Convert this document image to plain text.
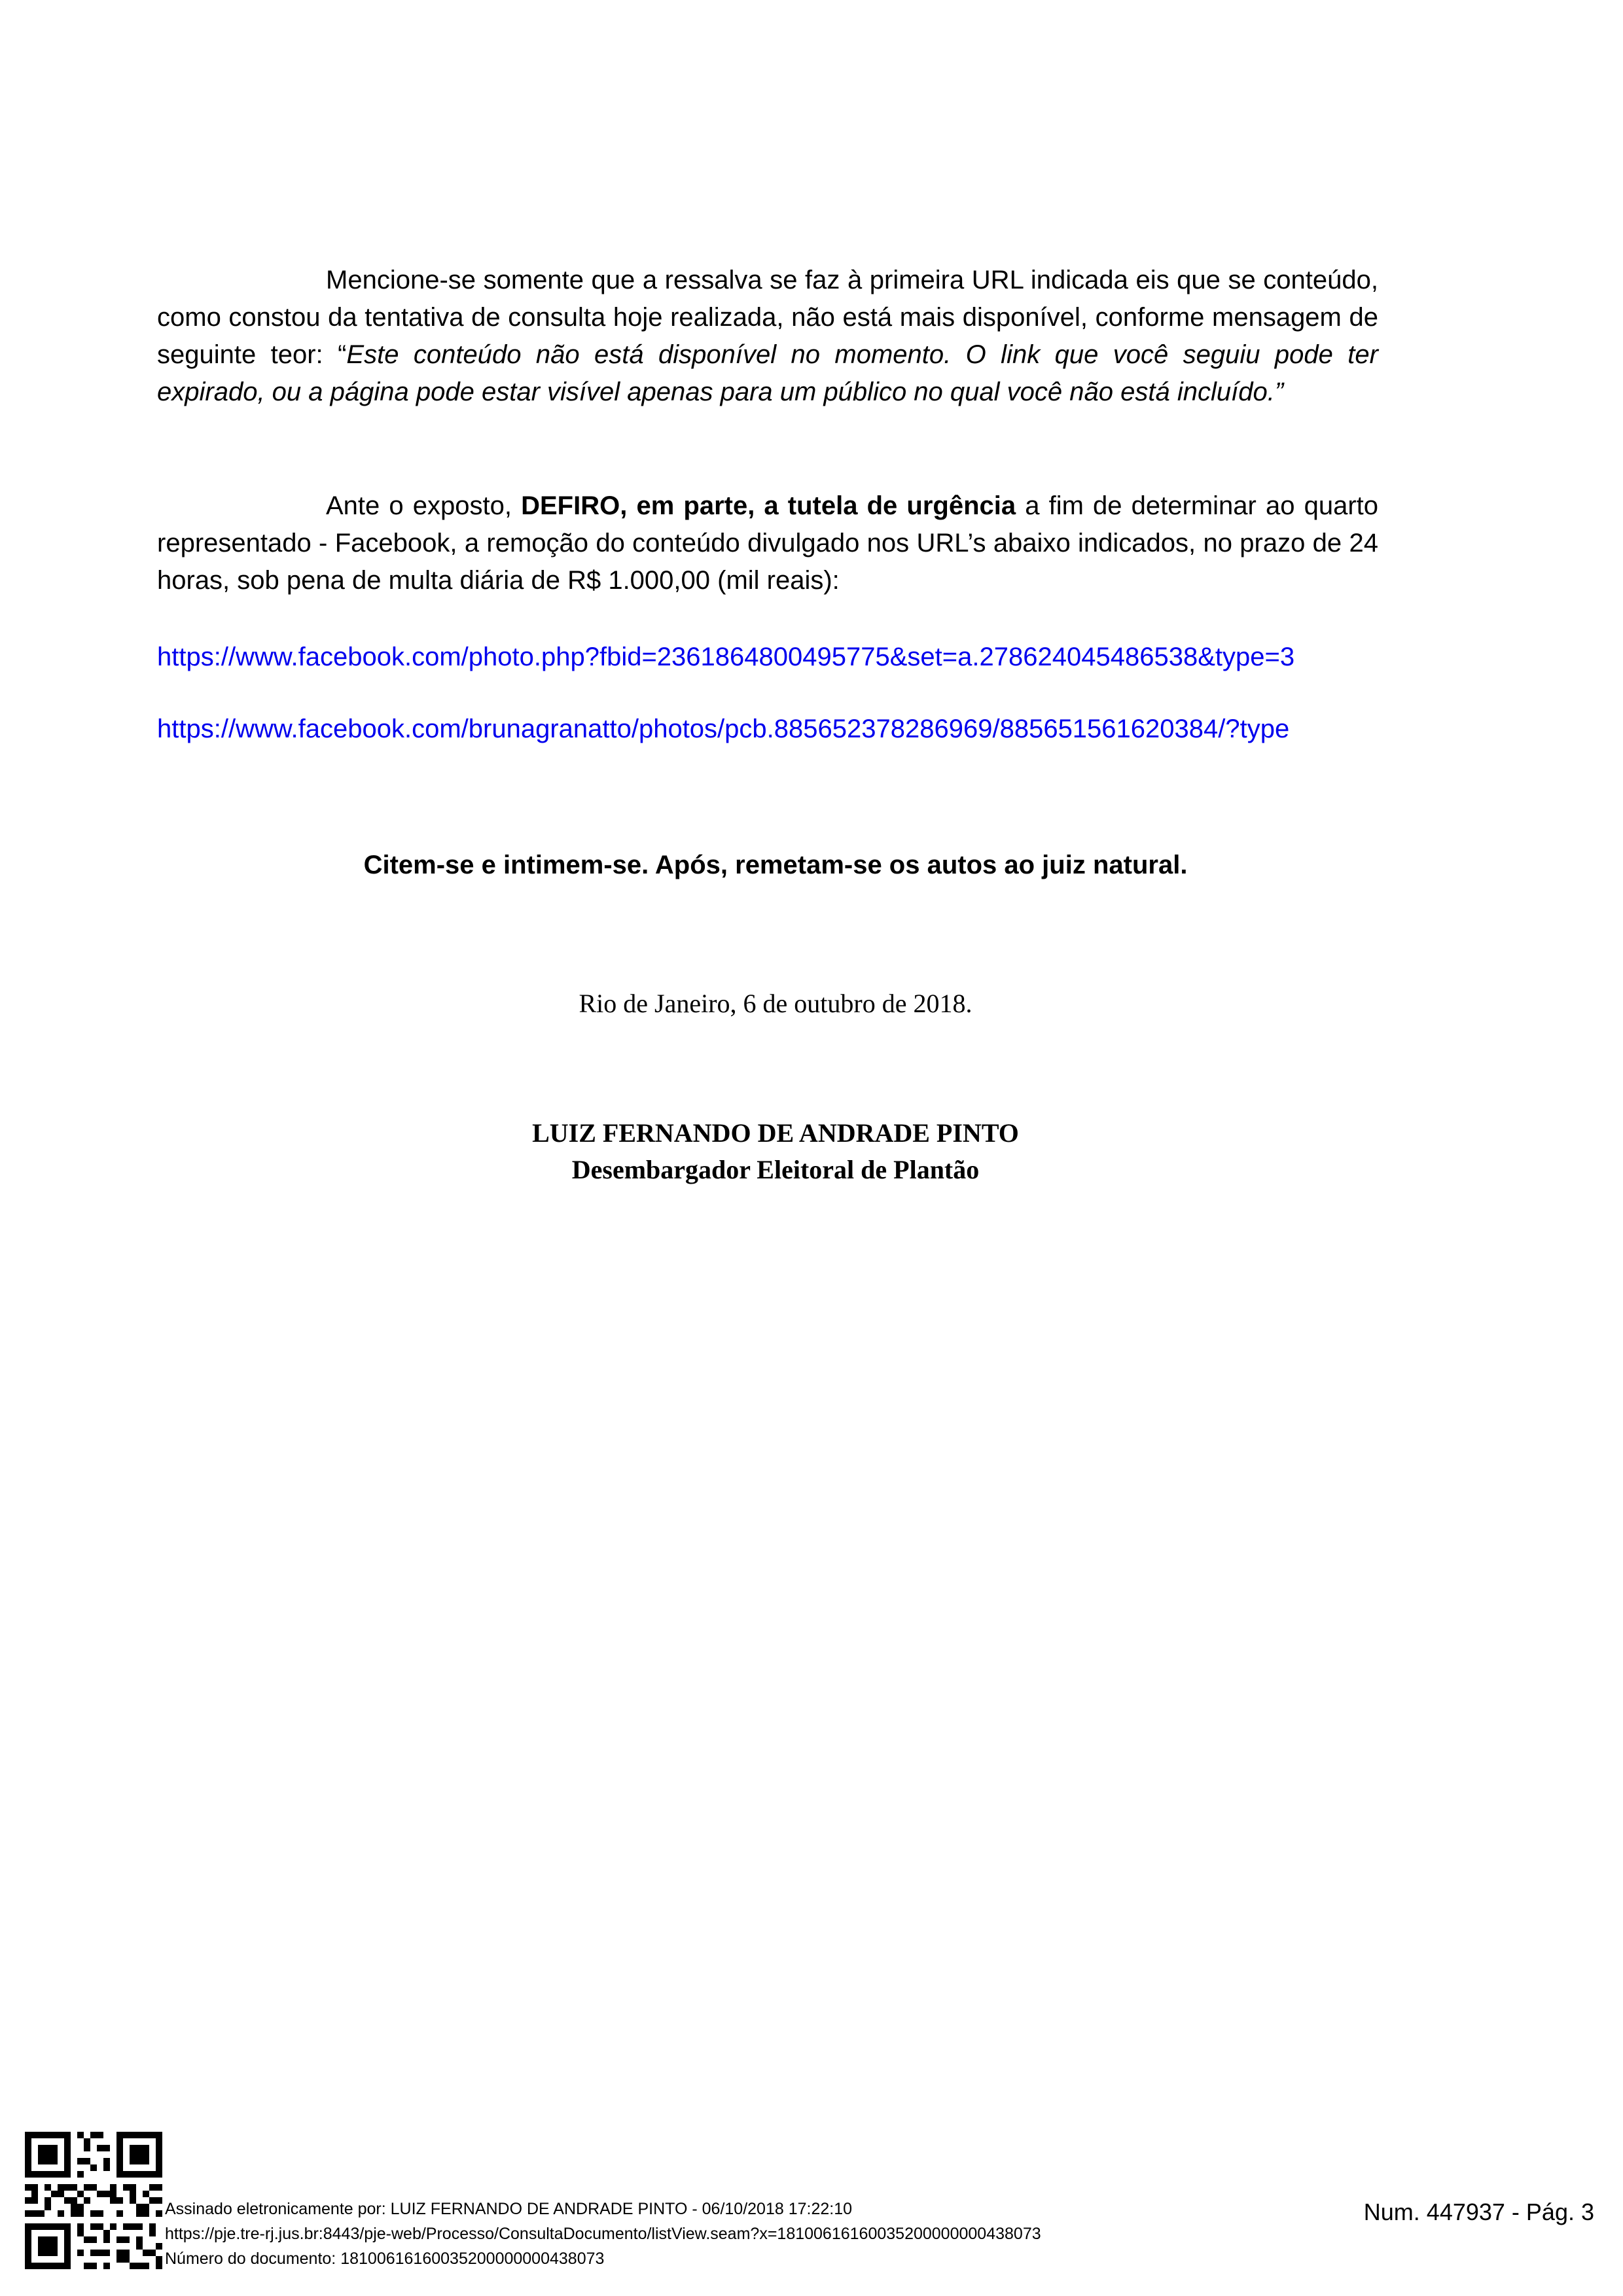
Mencione-se somente que a ressalva se faz à primeira URL indicada eis que se conteúdo, como constou da tentativa de consulta hoje realizada, não está mais disponível, conforme mensagem de seguinte teor: “Este conteúdo não está disponível no momento. O link que você seguiu pode ter expirado, ou a página pode estar visível apenas para um público no qual você não está incluído.”

Ante o exposto, DEFIRO, em parte, a tutela de urgência a fim de determinar ao quarto representado - Facebook, a remoção do conteúdo divulgado nos URL’s abaixo indicados, no prazo de 24 horas, sob pena de multa diária de R$ 1.000,00 (mil reais):

https://www.facebook.com/photo.php?fbid=2361864800495775&set=a.278624045486538&type=3
https://www.facebook.com/brunagranatto/photos/pcb.885652378286969/885651561620384/?type
Citem-se e intimem-se. Após, remetam-se os autos ao juiz natural.
Rio de Janeiro, 6 de outubro de 2018.
LUIZ FERNANDO DE ANDRADE PINTO
Desembargador Eleitoral de Plantão
Assinado eletronicamente por: LUIZ FERNANDO DE ANDRADE PINTO - 06/10/2018 17:22:10
https://pje.tre-rj.jus.br:8443/pje-web/Processo/ConsultaDocumento/listView.seam?x=18100616160035200000000438073
Número do documento: 18100616160035200000000438073
Num. 447937 - Pág. 3
